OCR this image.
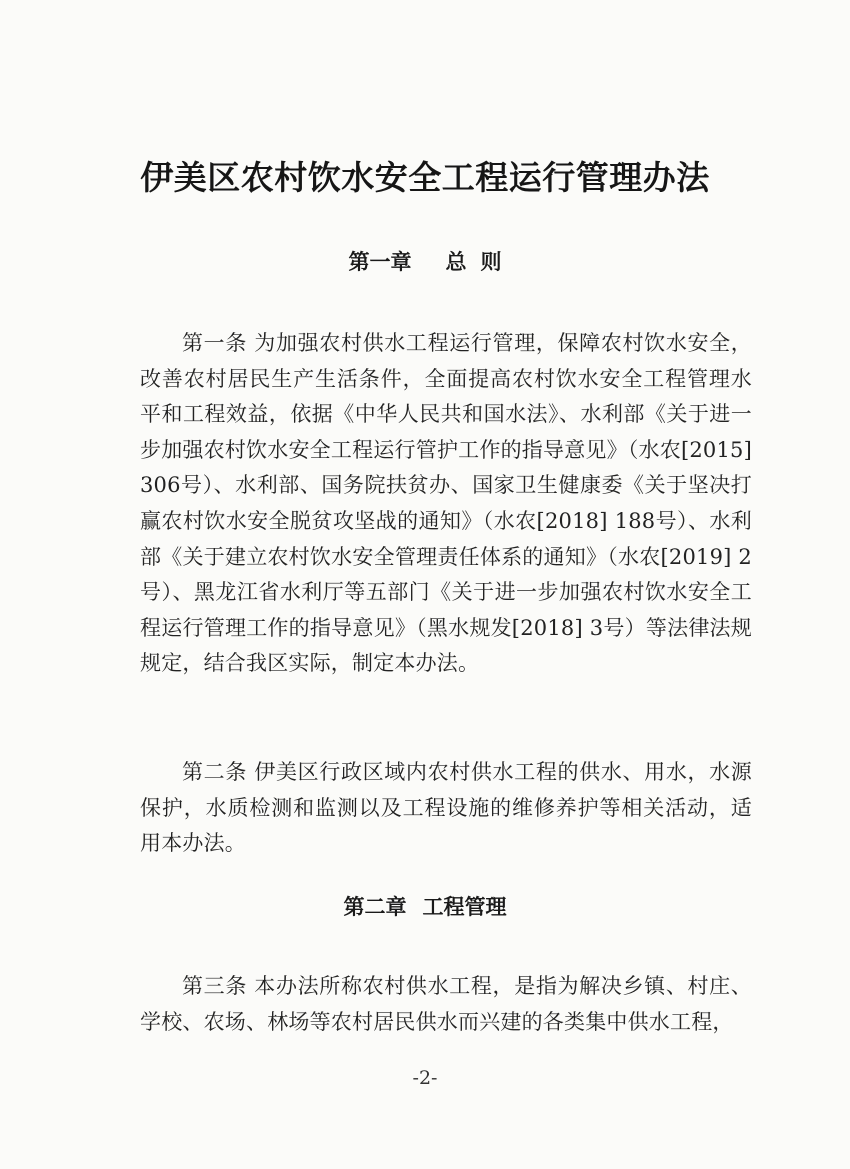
伊美区农村饮水安全工程运行管理办法
第一章 总 则
第一条 为加强农村供水工程运行管理，保障农村饮水安全，改善农村居民生产生活条件，全面提高农村饮水安全工程管理水平和工程效益，依据《中华人民共和国水法》、水利部《关于进一步加强农村饮水安全工程运行管护工作的指导意见》（水农[2015] 306号）、水利部、国务院扶贫办、国家卫生健康委《关于坚决打赢农村饮水安全脱贫攻坚战的通知》（水农[2018] 188号）、水利部《关于建立农村饮水安全管理责任体系的通知》（水农[2019] 2号）、黑龙江省水利厅等五部门《关于进一步加强农村饮水安全工程运行管理工作的指导意见》（黑水规发[2018] 3号）等法律法规规定，结合我区实际，制定本办法。
第二条 伊美区行政区域内农村供水工程的供水、用水，水源保护，水质检测和监测以及工程设施的维修养护等相关活动，适用本办法。
第二章 工程管理
第三条 本办法所称农村供水工程，是指为解决乡镇、村庄、学校、农场、林场等农村居民供水而兴建的各类集中供水工程，
-2-
